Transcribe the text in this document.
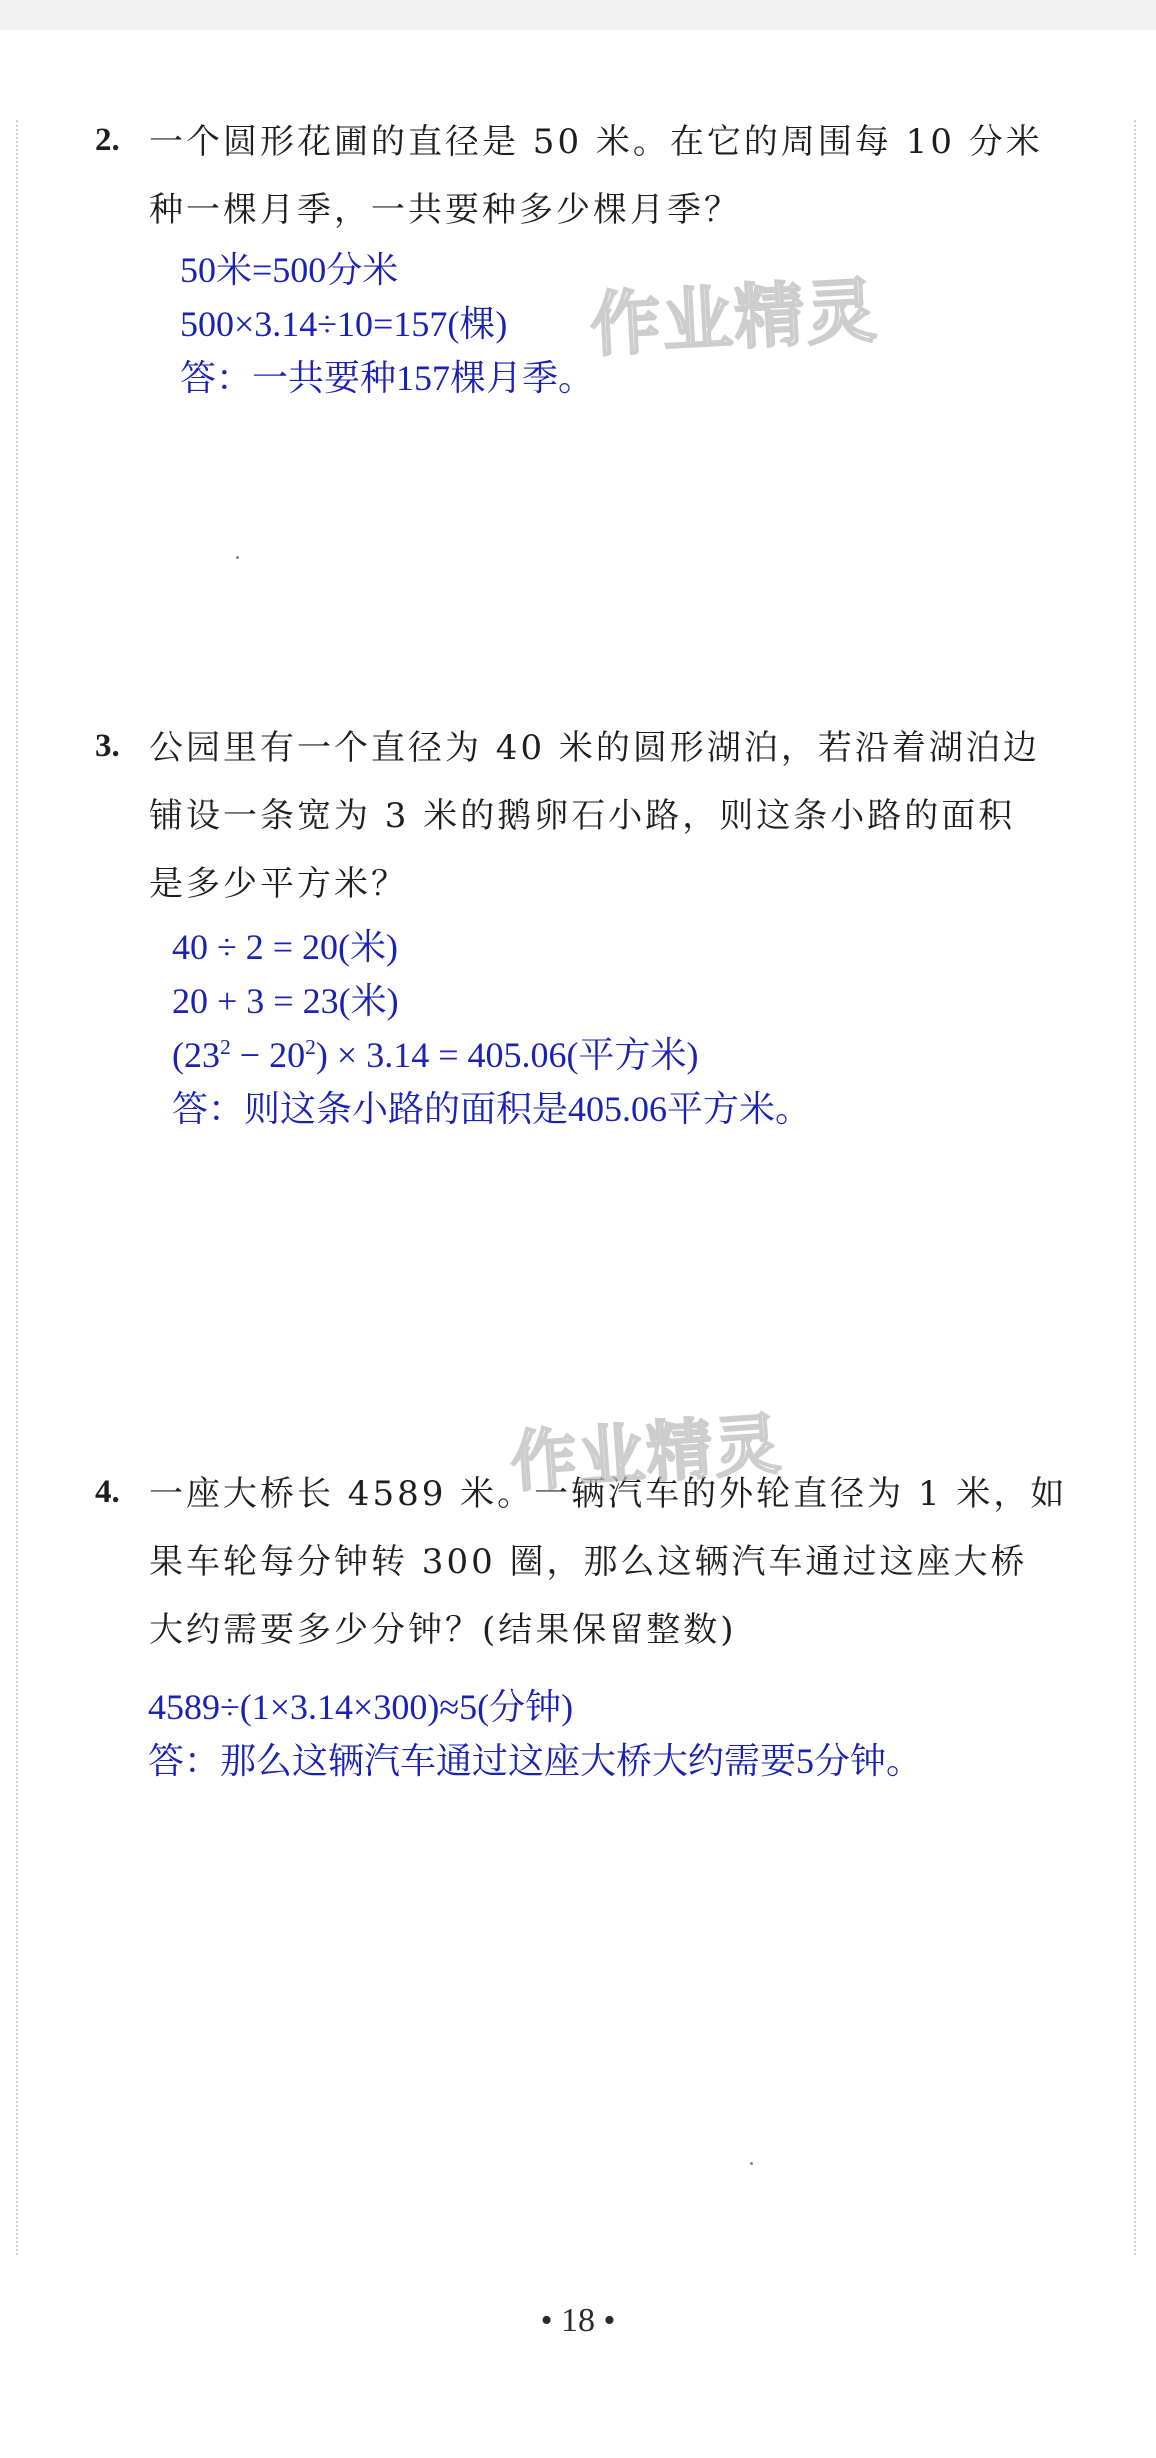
2. 一个圆形花圃的直径是 50 米。在它的周围每 10 分米
种一棵月季，一共要种多少棵月季？
50米=500分米
500×3.14÷10=157(棵)
答：一共要种157棵月季。
3. 公园里有一个直径为 40 米的圆形湖泊，若沿着湖泊边
铺设一条宽为 3 米的鹅卵石小路，则这条小路的面积
是多少平方米？
40 ÷ 2 = 20(米)
20 + 3 = 23(米)
$(23^2 - 20^2) \times 3.14 = 405.06$(平方米)
答：则这条小路的面积是405.06平方米。
4. 一座大桥长 4589 米。一辆汽车的外轮直径为 1 米，如
果车轮每分钟转 300 圈，那么这辆汽车通过这座大桥
大约需要多少分钟？(结果保留整数)
4589÷(1×3.14×300)≈5(分钟)
答：那么这辆汽车通过这座大桥大约需要5分钟。
作业精灵
作业精灵
• 18 •
